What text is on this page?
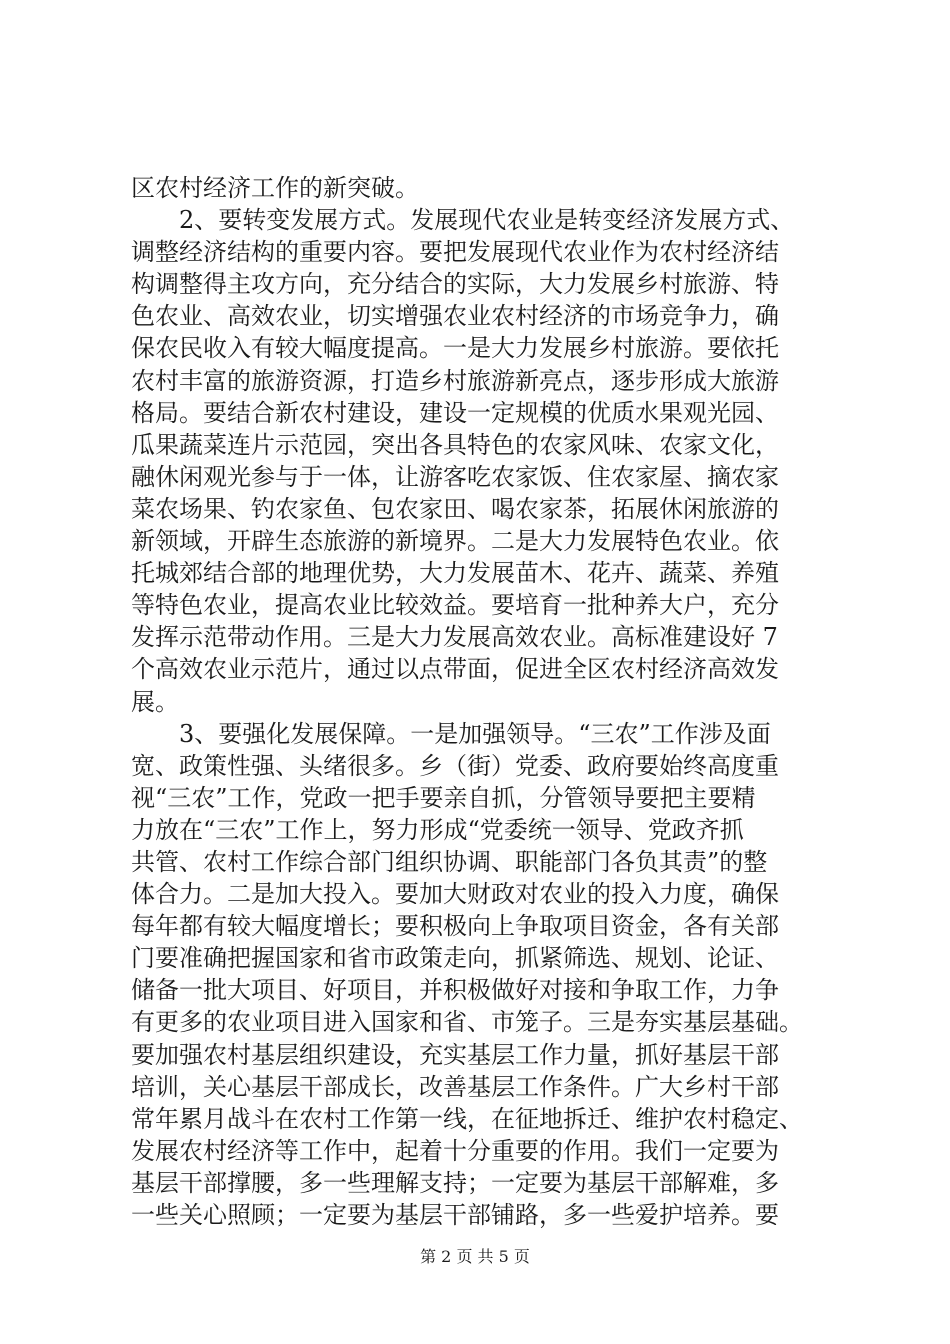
区农村经济工作的新突破。
2、要转变发展方式。发展现代农业是转变经济发展方式、
调整经济结构的重要内容。要把发展现代农业作为农村经济结
构调整得主攻方向，充分结合的实际，大力发展乡村旅游、特
色农业、高效农业，切实增强农业农村经济的市场竞争力，确
保农民收入有较大幅度提高。一是大力发展乡村旅游。要依托
农村丰富的旅游资源，打造乡村旅游新亮点，逐步形成大旅游
格局。要结合新农村建设，建设一定规模的优质水果观光园、
瓜果蔬菜连片示范园，突出各具特色的农家风味、农家文化，
融休闲观光参与于一体，让游客吃农家饭、住农家屋、摘农家
菜农场果、钓农家鱼、包农家田、喝农家茶，拓展休闲旅游的
新领域，开辟生态旅游的新境界。二是大力发展特色农业。依
托城郊结合部的地理优势，大力发展苗木、花卉、蔬菜、养殖
等特色农业，提高农业比较效益。要培育一批种养大户，充分
发挥示范带动作用。三是大力发展高效农业。高标准建设好 7
个高效农业示范片，通过以点带面，促进全区农村经济高效发
展。
3、要强化发展保障。一是加强领导。“三农”工作涉及面
宽、政策性强、头绪很多。乡（街）党委、政府要始终高度重
视“三农”工作，党政一把手要亲自抓，分管领导要把主要精
力放在“三农”工作上，努力形成“党委统一领导、党政齐抓
共管、农村工作综合部门组织协调、职能部门各负其责”的整
体合力。二是加大投入。要加大财政对农业的投入力度，确保
每年都有较大幅度增长；要积极向上争取项目资金，各有关部
门要准确把握国家和省市政策走向，抓紧筛选、规划、论证、
储备一批大项目、好项目，并积极做好对接和争取工作，力争
有更多的农业项目进入国家和省、市笼子。三是夯实基层基础。
要加强农村基层组织建设，充实基层工作力量，抓好基层干部
培训，关心基层干部成长，改善基层工作条件。广大乡村干部
常年累月战斗在农村工作第一线，在征地拆迁、维护农村稳定、
发展农村经济等工作中，起着十分重要的作用。我们一定要为
基层干部撑腰，多一些理解支持；一定要为基层干部解难，多
一些关心照顾；一定要为基层干部铺路，多一些爱护培养。要
第 2 页 共 5 页
